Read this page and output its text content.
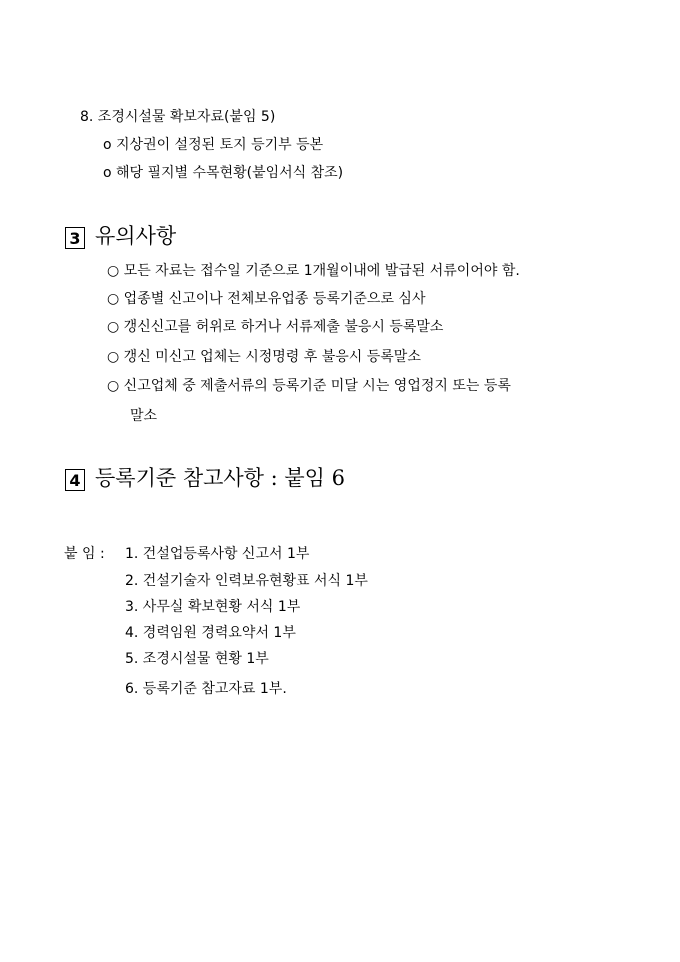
8. 조경시설물 확보자료(붙임 5)
o 지상권이 설정된 토지 등기부 등본
o 해당 필지별 수목현황(붙임서식 참조)
3 유의사항
○ 모든 자료는 접수일 기준으로 1개월이내에 발급된 서류이어야 함.
○ 업종별 신고이나 전체보유업종 등록기준으로 심사
○ 갱신신고를 허위로 하거나 서류제출 불응시 등록말소
○ 갱신 미신고 업체는 시정명령 후 불응시 등록말소
○ 신고업체 중 제출서류의 등록기준 미달 시는 영업정지 또는 등록
말소
4 등록기준 참고사항 : 붙임 6
붙 임 : 1. 건설업등록사항 신고서 1부
2. 건설기술자 인력보유현황표 서식 1부
3. 사무실 확보현황 서식 1부
4. 경력임원 경력요약서 1부
5. 조경시설물 현황 1부
6. 등록기준 참고자료 1부.
